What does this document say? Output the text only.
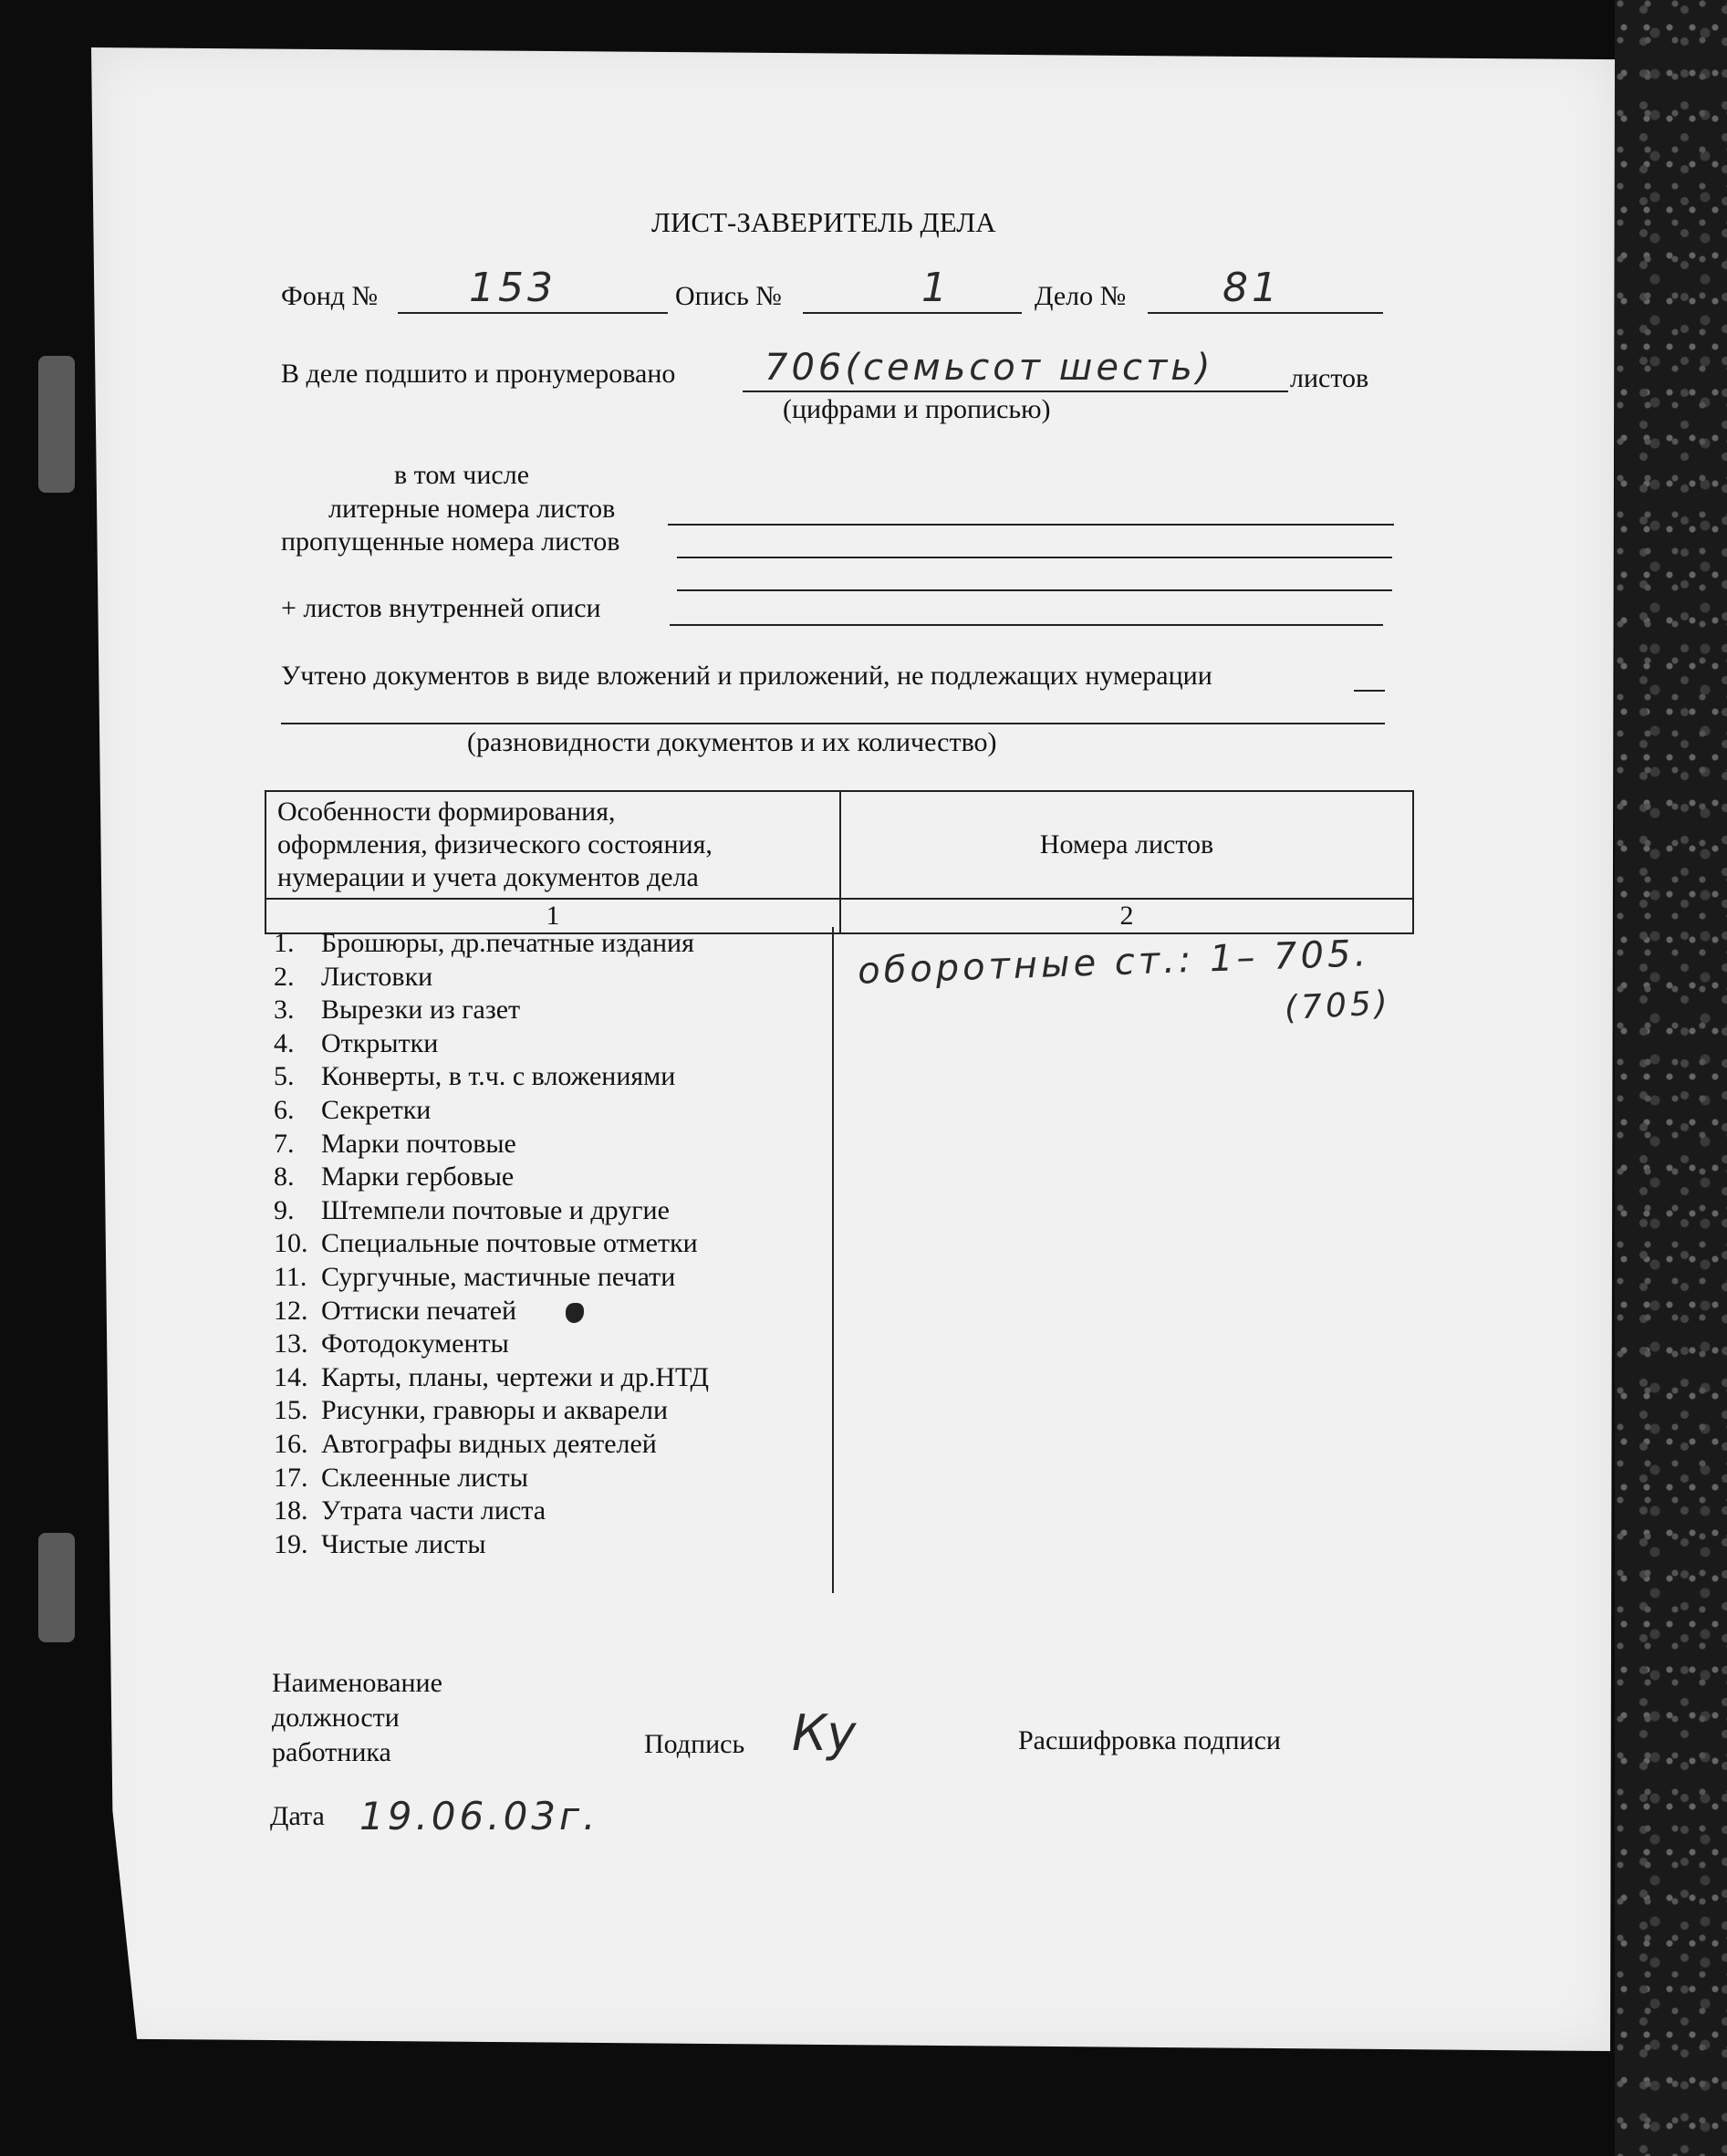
ЛИСТ-ЗАВЕРИТЕЛЬ ДЕЛА
Фонд № 153	Опись №	1	Дело № 81
В деле подшито и пронумеровано 706(семьсот шесть)	листов
(цифрами и прописью)
в том числе
литерные номера листов
пропущенные номера листов
+ листов внутренней описи
Учтено документов в виде вложений и приложений, не подлежащих нумерации
(разновидности документов и их количество)
Особенности формирования,
оформления, физического состояния,
нумерации и учета документов дела	Номера листов
1	2
1. Брошюры, др.печатные издания
2. Листовки
3. Вырезки из газет
4. Открытки
5. Конверты, в т.ч. с вложениями
6. Секретки
7. Марки почтовые
8. Марки гербовые
9. Штемпели почтовые и другие
10. Специальные почтовые отметки
11. Сургучные, мастичные печати
12. Оттиски печатей
13. Фотодокументы
14. Карты, планы, чертежи и др.НТД
15. Рисунки, гравюры и акварели
16. Автографы видных деятелей
17. Склеенные листы
18. Утрата части листа
19. Чистые листы
оборотные ст.: 1– 705.
(705)
Наименование
должности
работника	Подпись Ку	Расшифровка подписи
Дата 19.06.03г.
